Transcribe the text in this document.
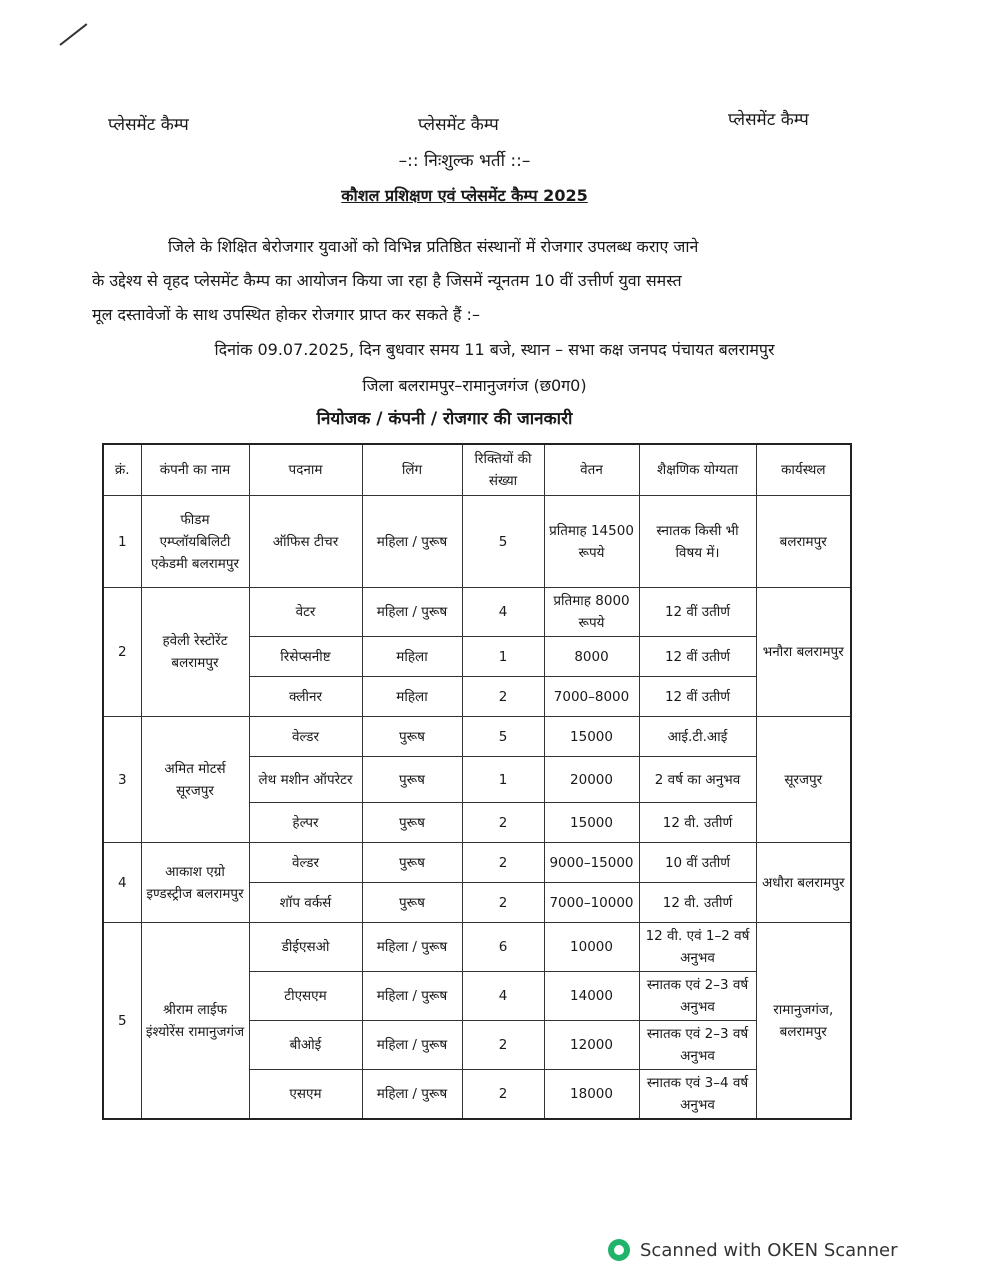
प्लेसमेंट कैम्प	प्लेसमेंट कैम्प	प्लेसमेंट कैम्प
–:: निःशुल्क भर्ती ::–
कौशल प्रशिक्षण एवं प्लेसमेंट कैम्प 2025
जिले के शिक्षित बेरोजगार युवाओं को विभिन्न प्रतिष्ठित संस्थानों में रोजगार उपलब्ध कराए जाने
के उद्देश्य से वृहद प्लेसमेंट कैम्प का आयोजन किया जा रहा है जिसमें न्यूनतम 10 वीं उत्तीर्ण युवा समस्त
मूल दस्तावेजों के साथ उपस्थित होकर रोजगार प्राप्त कर सकते हैं :–
दिनांक 09.07.2025, दिन बुधवार समय 11 बजे, स्थान – सभा कक्ष जनपद पंचायत बलरामपुर
जिला बलरामपुर–रामानुजगंज (छ0ग0)
नियोजक / कंपनी / रोजगार की जानकारी
क्रं.	कंपनी का नाम	पदनाम	लिंग	रिक्तियों की संख्या	वेतन	शैक्षणिक योग्यता	कार्यस्थल
1	फीडम एम्प्लॉयबिलिटी एकेडमी बलरामपुर	ऑफिस टीचर	महिला / पुरूष	5	प्रतिमाह 14500 रूपये	स्नातक किसी भी विषय में।	बलरामपुर
2	हवेली रेस्टोरेंट बलरामपुर	वेटर	महिला / पुरूष	4	प्रतिमाह 8000 रूपये	12 वीं उतीर्ण	भनौरा बलरामपुर
		रिसेप्सनीष्ट	महिला	1	8000	12 वीं उतीर्ण	
		क्लीनर	महिला	2	7000–8000	12 वीं उतीर्ण	
3	अमित मोटर्स सूरजपुर	वेल्डर	पुरूष	5	15000	आई.टी.आई	सूरजपुर
		लेथ मशीन ऑपरेटर	पुरूष	1	20000	2 वर्ष का अनुभव	
		हेल्पर	पुरूष	2	15000	12 वी. उतीर्ण	
4	आकाश एग्रो इण्डस्ट्रीज बलरामपुर	वेल्डर	पुरूष	2	9000–15000	10 वीं उतीर्ण	अधौरा बलरामपुर
		शॉप वर्कर्स	पुरूष	2	7000–10000	12 वी. उतीर्ण	
5	श्रीराम लाईफ इंश्योरेंस रामानुजगंज	डीईएसओ	महिला / पुरूष	6	10000	12 वी. एवं 1–2 वर्ष अनुभव	रामानुजगंज, बलरामपुर
		टीएसएम	महिला / पुरूष	4	14000	स्नातक एवं 2–3 वर्ष अनुभव	
		बीओई	महिला / पुरूष	2	12000	स्नातक एवं 2–3 वर्ष अनुभव	
		एसएम	महिला / पुरूष	2	18000	स्नातक एवं 3–4 वर्ष अनुभव	
Scanned with OKEN Scanner
